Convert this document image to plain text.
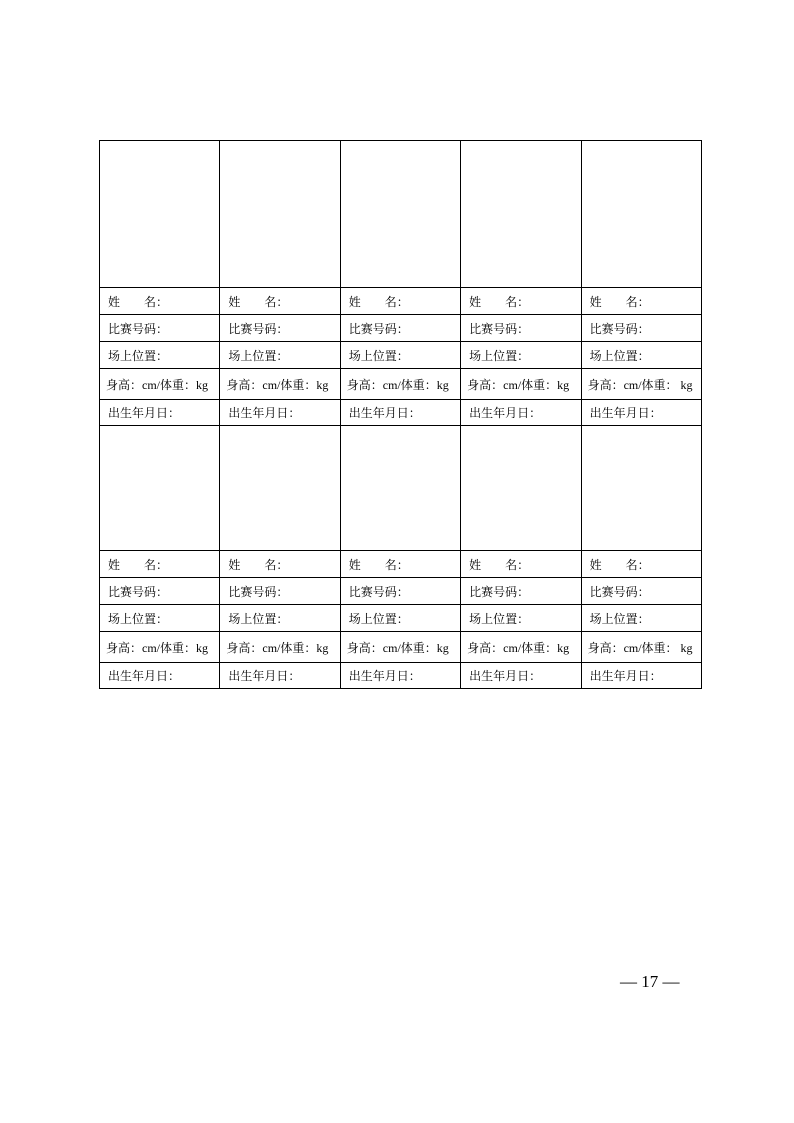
姓　　名：	姓　　名：	姓　　名：	姓　　名：	姓　　名：
比赛号码：	比赛号码：	比赛号码：	比赛号码：	比赛号码：
场上位置：	场上位置：	场上位置：	场上位置：	场上位置：
身高：cm/体重：kg	身高：cm/体重：kg	身高：cm/体重：kg	身高：cm/体重：kg	身高：cm/体重： kg
出生年月日：	出生年月日：	出生年月日：	出生年月日：	出生年月日：

姓　　名：	姓　　名：	姓　　名：	姓　　名：	姓　　名：
比赛号码：	比赛号码：	比赛号码：	比赛号码：	比赛号码：
场上位置：	场上位置：	场上位置：	场上位置：	场上位置：
身高：cm/体重：kg	身高：cm/体重：kg	身高：cm/体重：kg	身高：cm/体重：kg	身高：cm/体重： kg
出生年月日：	出生年月日：	出生年月日：	出生年月日：	出生年月日：
— 17 —
